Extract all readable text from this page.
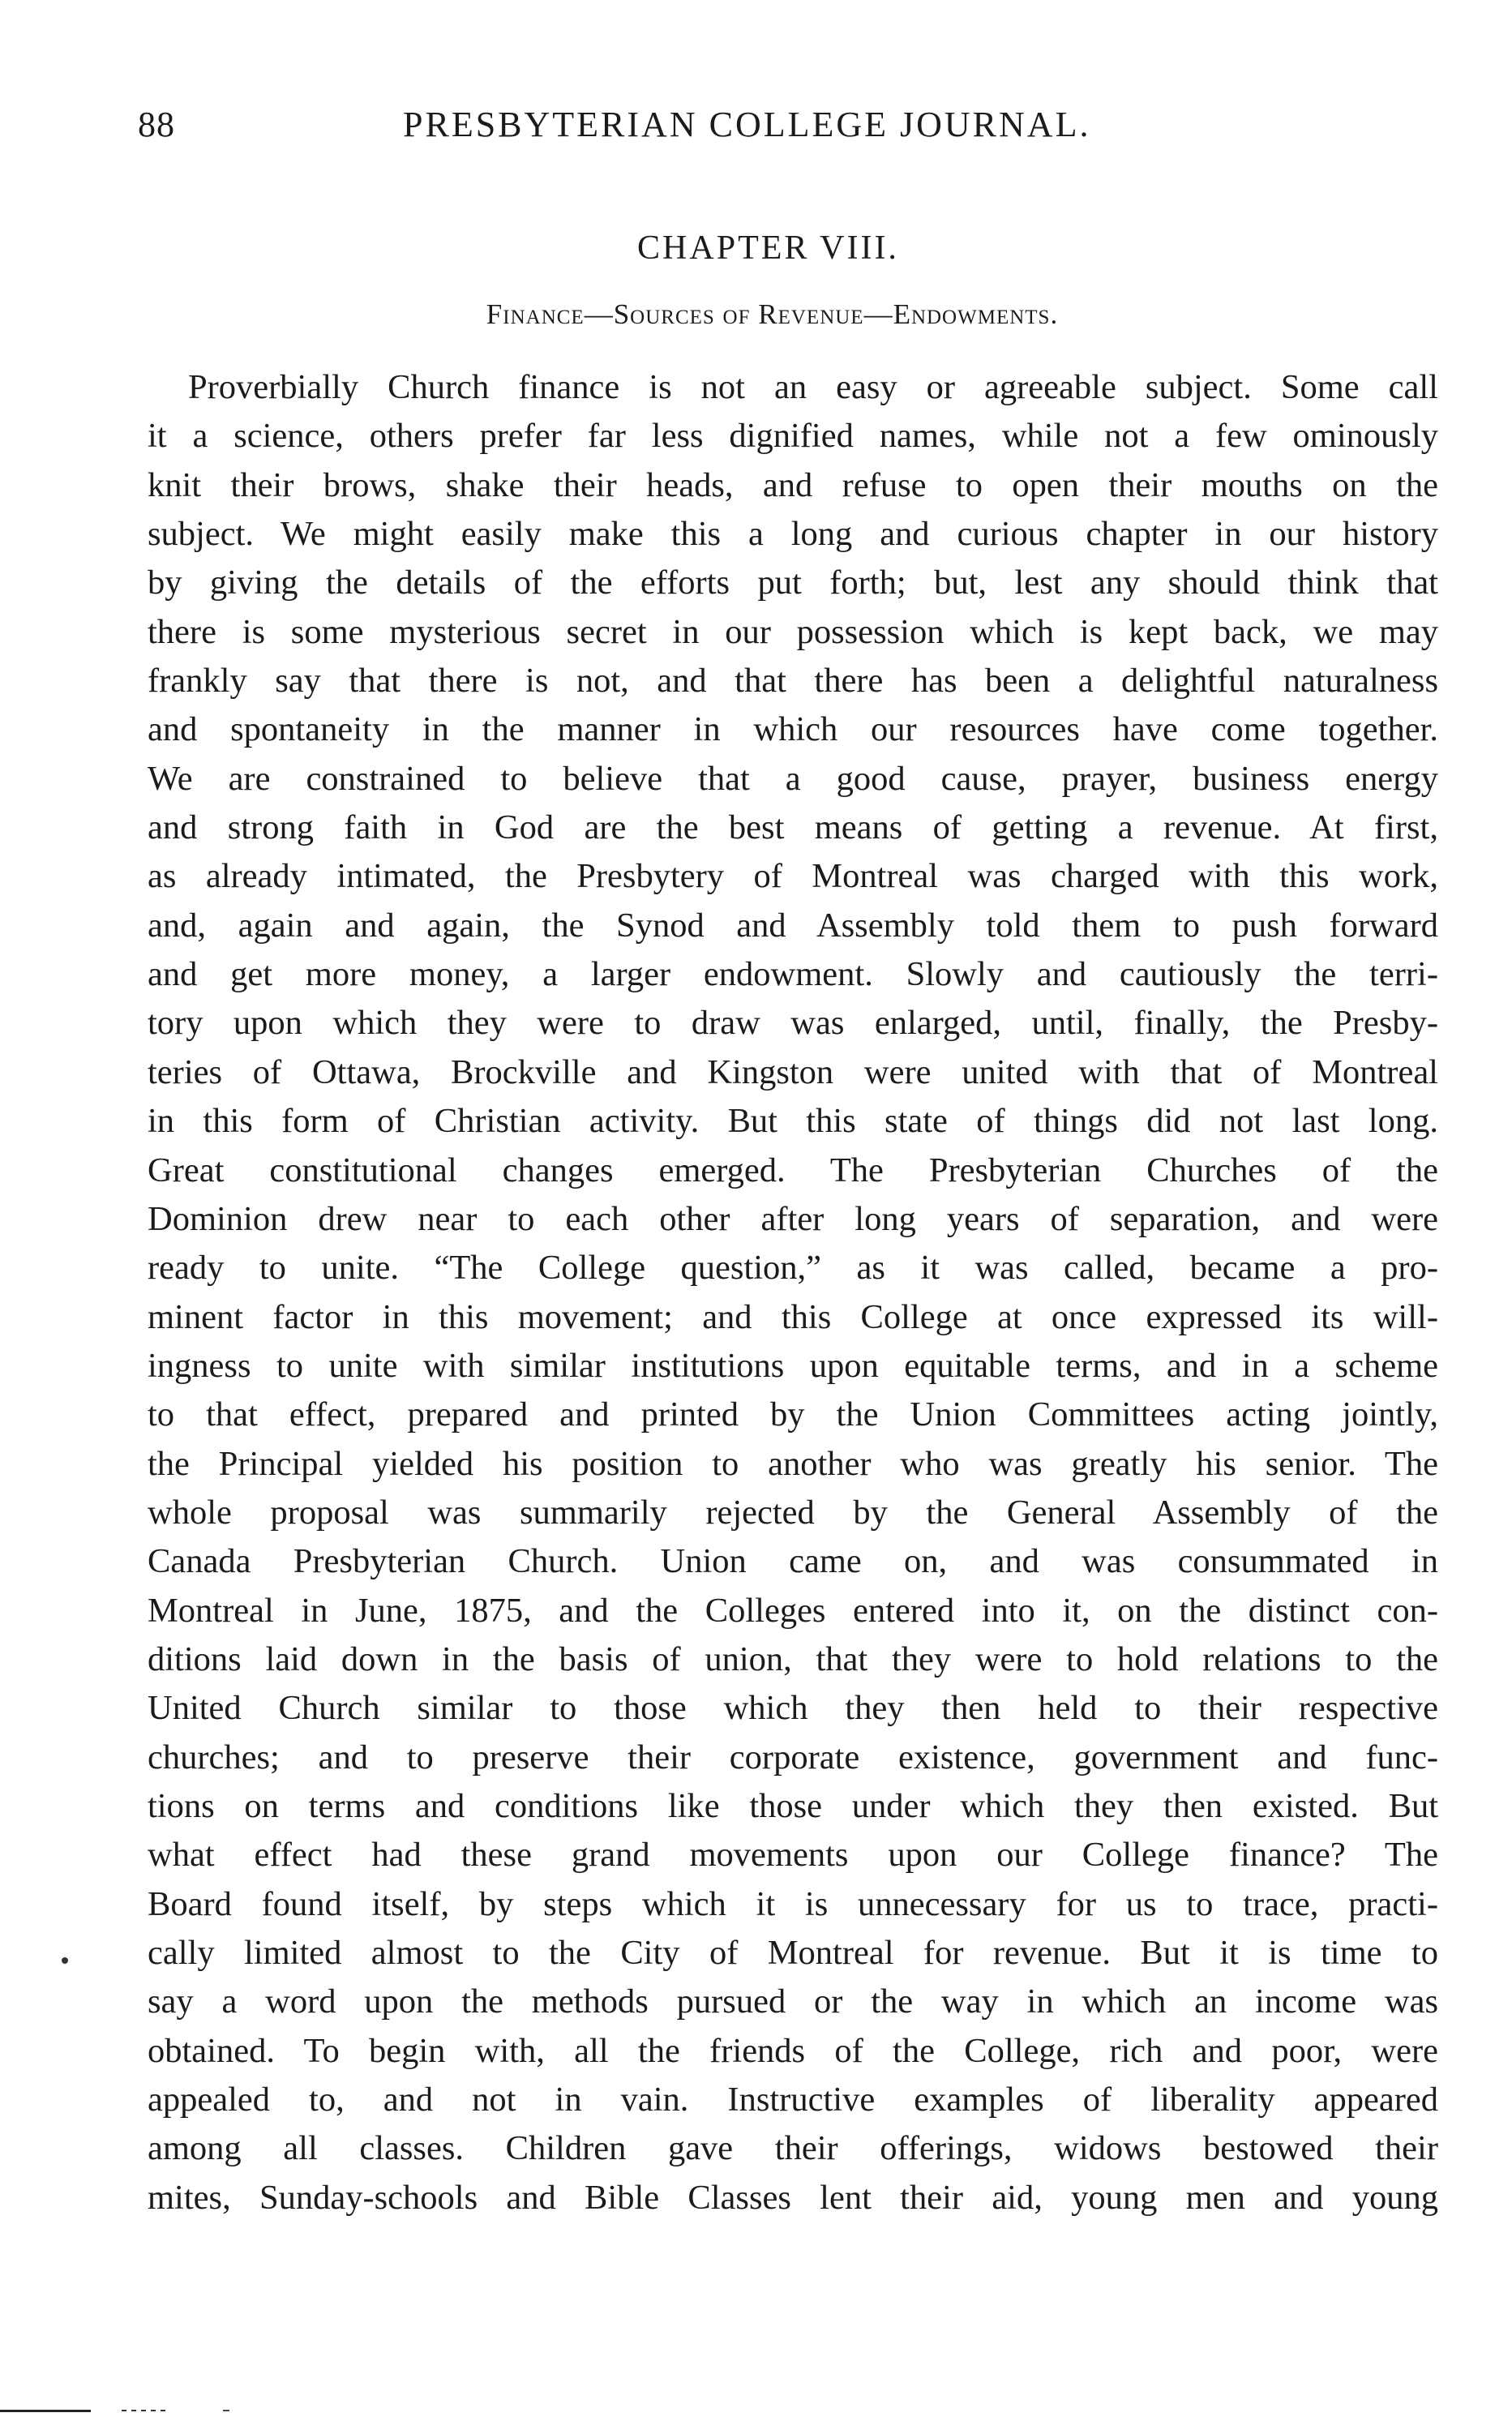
88	PRESBYTERIAN COLLEGE JOURNAL.
CHAPTER VIII.
Finance—Sources of Revenue—Endowments.
Proverbially Church finance is not an easy or agreeable subject. Some call
it a science, others prefer far less dignified names, while not a few ominously
knit their brows, shake their heads, and refuse to open their mouths on the
subject. We might easily make this a long and curious chapter in our history
by giving the details of the efforts put forth; but, lest any should think that
there is some mysterious secret in our possession which is kept back, we may
frankly say that there is not, and that there has been a delightful naturalness
and spontaneity in the manner in which our resources have come together.
We are constrained to believe that a good cause, prayer, business energy
and strong faith in God are the best means of getting a revenue. At first,
as already intimated, the Presbytery of Montreal was charged with this work,
and, again and again, the Synod and Assembly told them to push forward
and get more money, a larger endowment. Slowly and cautiously the terri-
tory upon which they were to draw was enlarged, until, finally, the Presby-
teries of Ottawa, Brockville and Kingston were united with that of Montreal
in this form of Christian activity. But this state of things did not last long.
Great constitutional changes emerged. The Presbyterian Churches of the
Dominion drew near to each other after long years of separation, and were
ready to unite. “The College question,” as it was called, became a pro-
minent factor in this movement; and this College at once expressed its will-
ingness to unite with similar institutions upon equitable terms, and in a scheme
to that effect, prepared and printed by the Union Committees acting jointly,
the Principal yielded his position to another who was greatly his senior. The
whole proposal was summarily rejected by the General Assembly of the
Canada Presbyterian Church. Union came on, and was consummated in
Montreal in June, 1875, and the Colleges entered into it, on the distinct con-
ditions laid down in the basis of union, that they were to hold relations to the
United Church similar to those which they then held to their respective
churches; and to preserve their corporate existence, government and func-
tions on terms and conditions like those under which they then existed. But
what effect had these grand movements upon our College finance? The
Board found itself, by steps which it is unnecessary for us to trace, practi-
cally limited almost to the City of Montreal for revenue. But it is time to
say a word upon the methods pursued or the way in which an income was
obtained. To begin with, all the friends of the College, rich and poor, were
appealed to, and not in vain. Instructive examples of liberality appeared
among all classes. Children gave their offerings, widows bestowed their
mites, Sunday-schools and Bible Classes lent their aid, young men and young
